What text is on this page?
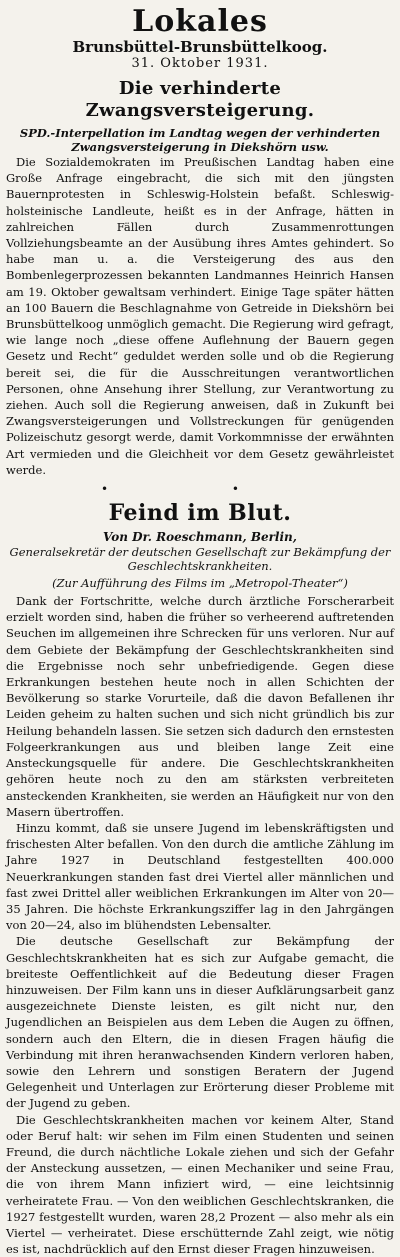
Lokales
Brunsbüttel-Brunsbüttelkoog.
31. Oktober 1931.
Die verhinderte Zwangsversteigerung.
SPD.-Interpellation im Landtag wegen der verhinderten Zwangsversteigerung in Diekshörn usw.

Die Sozialdemokraten im Preußischen Landtag haben eine Große Anfrage eingebracht, die sich mit den jüngsten Bauernprotesten in Schleswig-Holstein befaßt. Schleswig-holsteinische Landleute, heißt es in der Anfrage, hätten in zahlreichen Fällen durch Zusammenrottungen Vollziehungsbeamte an der Ausübung ihres Amtes gehindert. So habe man u. a. die Versteigerung des aus den Bombenlegerprozessen bekannten Landmannes Heinrich Hansen am 19. Oktober gewaltsam verhindert. Einige Tage später hätten an 100 Bauern die Beschlagnahme von Getreide in Diekshörn bei Brunsbüttelkoog unmöglich gemacht. Die Regierung wird gefragt, wie lange noch „diese offene Auflehnung der Bauern gegen Gesetz und Recht“ geduldet werden solle und ob die Regierung bereit sei, die für die Ausschreitungen verantwortlichen Personen, ohne Ansehung ihrer Stellung, zur Verantwortung zu ziehen. Auch soll die Regierung anweisen, daß in Zukunft bei Zwangsversteigerungen und Vollstreckungen für genügenden Polizeischutz gesorgt werde, damit Vorkommnisse der erwähnten Art vermieden und die Gleichheit vor dem Gesetz gewährleistet werde.

• •
Feind im Blut.
Von Dr. Roeschmann, Berlin,
Generalsekretär der deutschen Gesellschaft zur Bekämpfung der Geschlechtskrankheiten.
(Zur Aufführung des Films im „Metropol-Theater“)

Dank der Fortschritte, welche durch ärztliche Forscherarbeit erzielt worden sind, haben die früher so verheerend auftretenden Seuchen im allgemeinen ihre Schrecken für uns verloren. Nur auf dem Gebiete der Bekämpfung der Geschlechtskrankheiten sind die Ergebnisse noch sehr unbefriedigende. Gegen diese Erkrankungen bestehen heute noch in allen Schichten der Bevölkerung so starke Vorurteile, daß die davon Befallenen ihr Leiden geheim zu halten suchen und sich nicht gründlich bis zur Heilung behandeln lassen. Sie setzen sich dadurch den ernstesten Folgeerkrankungen aus und bleiben lange Zeit eine Ansteckungsquelle für andere. Die Geschlechtskrankheiten gehören heute noch zu den am stärksten verbreiteten ansteckenden Krankheiten, sie werden an Häufigkeit nur von den Masern übertroffen.

Hinzu kommt, daß sie unsere Jugend im lebenskräftigsten und frischesten Alter befallen. Von den durch die amtliche Zählung im Jahre 1927 in Deutschland festgestellten 400.000 Neuerkrankungen standen fast drei Viertel aller männlichen und fast zwei Drittel aller weiblichen Erkrankungen im Alter von 20—35 Jahren. Die höchste Erkrankungsziffer lag in den Jahrgängen von 20—24, also im blühendsten Lebensalter.

Die deutsche Gesellschaft zur Bekämpfung der Geschlechtskrankheiten hat es sich zur Aufgabe gemacht, die breiteste Oeffentlichkeit auf die Bedeutung dieser Fragen hinzuweisen. Der Film kann uns in dieser Aufklärungsarbeit ganz ausgezeichnete Dienste leisten, es gilt nicht nur, den Jugendlichen an Beispielen aus dem Leben die Augen zu öffnen, sondern auch den Eltern, die in diesen Fragen häufig die Verbindung mit ihren heranwachsenden Kindern verloren haben, sowie den Lehrern und sonstigen Beratern der Jugend Gelegenheit und Unterlagen zur Erörterung dieser Probleme mit der Jugend zu geben.

Die Geschlechtskrankheiten machen vor keinem Alter, Stand oder Beruf halt: wir sehen im Film einen Studenten und seinen Freund, die durch nächtliche Lokale ziehen und sich der Gefahr der Ansteckung aussetzen, — einen Mechaniker und seine Frau, die von ihrem Mann infiziert wird, — eine leichtsinnig verheiratete Frau. — Von den weiblichen Geschlechtskranken, die 1927 festgestellt wurden, waren 28,2 Prozent — also mehr als ein Viertel — verheiratet. Diese erschütternde Zahl zeigt, wie nötig es ist, nachdrücklich auf den Ernst dieser Fragen hinzuweisen.
